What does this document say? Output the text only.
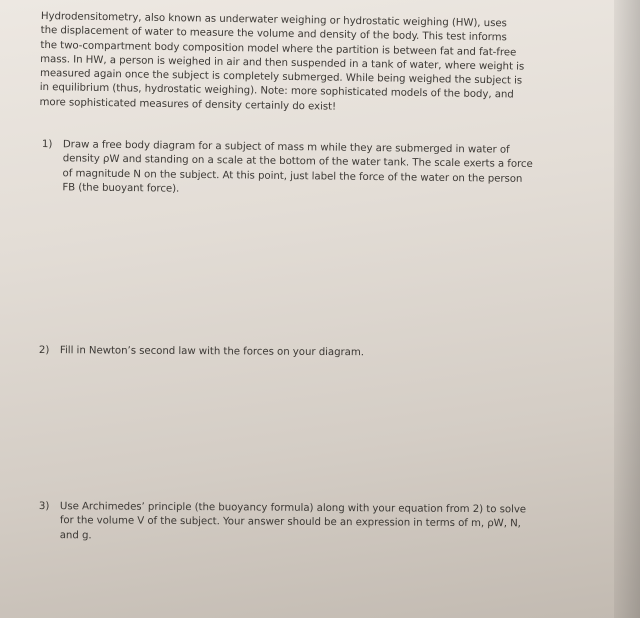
Hydrodensitometry, also known as underwater weighing or hydrostatic weighing (HW), uses
the displacement of water to measure the volume and density of the body. This test informs
the two-compartment body composition model where the partition is between fat and fat-free
mass. In HW, a person is weighed in air and then suspended in a tank of water, where weight is
measured again once the subject is completely submerged. While being weighed the subject is
in equilibrium (thus, hydrostatic weighing). Note: more sophisticated models of the body, and
more sophisticated measures of density certainly do exist!
1)	Draw a free body diagram for a subject of mass m while they are submerged in water of
density ρW and standing on a scale at the bottom of the water tank. The scale exerts a force
of magnitude N on the subject. At this point, just label the force of the water on the person
FB (the buoyant force).
2)	Fill in Newton’s second law with the forces on your diagram.
3)	Use Archimedes’ principle (the buoyancy formula) along with your equation from 2) to solve
for the volume V of the subject. Your answer should be an expression in terms of m, ρW, N,
and g.
